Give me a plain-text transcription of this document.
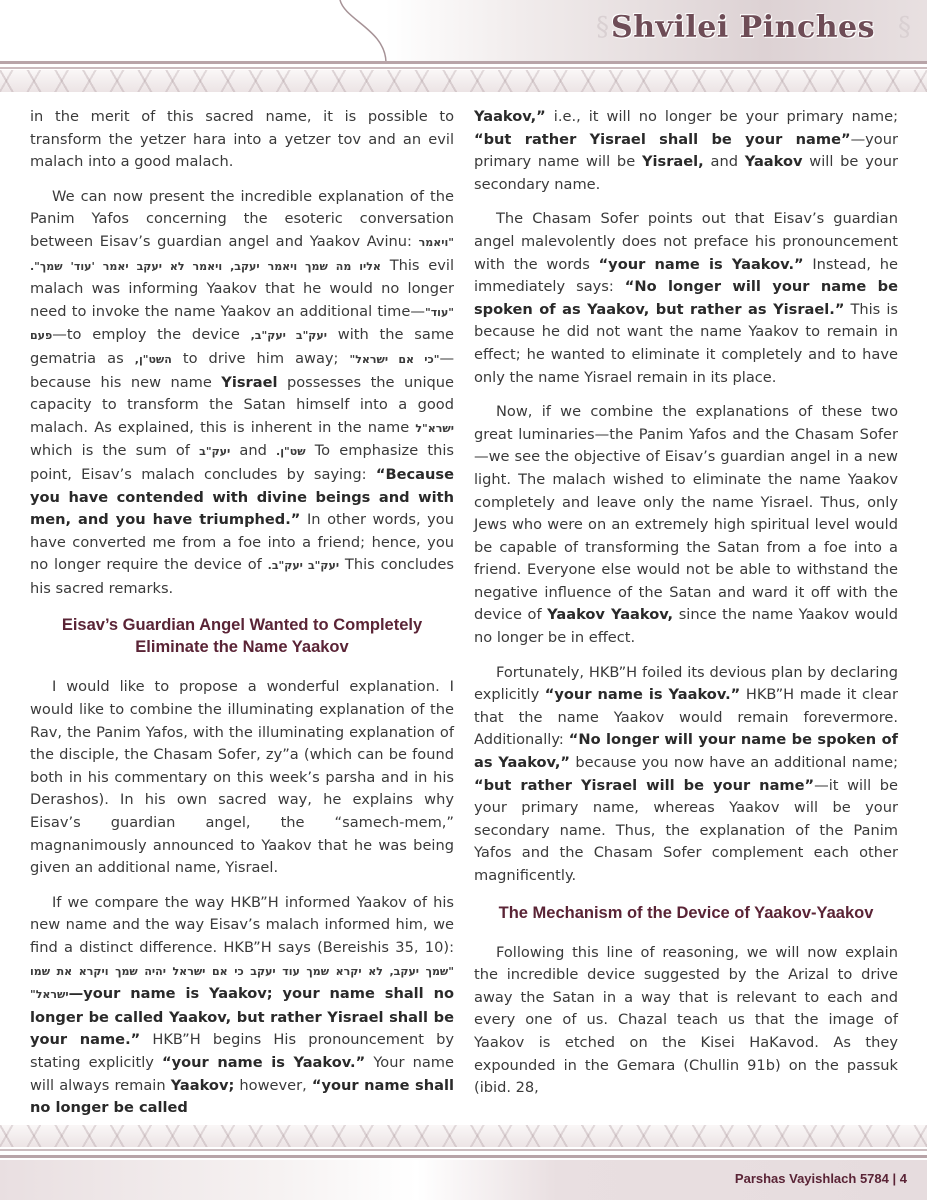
§ Shvilei Pinches §

in the merit of this sacred name, it is possible to transform the yetzer hara into a yetzer tov and an evil malach into a good malach.

We can now present the incredible explanation of the Panim Yafos concerning the esoteric conversation between Eisav’s guardian angel and Yaakov Avinu: "ויאמר אליו מה שמך ויאמר יעקב, ויאמר לא יעקב יאמר 'עוד' שמך". This evil malach was informing Yaakov that he would no longer need to invoke the name Yaakov an additional time—"עוד" פעם—to employ the device יעק"ב יעק"ב, with the same gematria as השט"ן, to drive him away; "כי אם ישראל"—because his new name Yisrael possesses the unique capacity to transform the Satan himself into a good malach. As explained, this is inherent in the name ישרא"ל which is the sum of יעק"ב and שט"ן. To emphasize this point, Eisav’s malach concludes by saying: “Because you have contended with divine beings and with men, and you have triumphed.” In other words, you have converted me from a foe into a friend; hence, you no longer require the device of יעק"ב יעק"ב. This concludes his sacred remarks.

Eisav’s Guardian Angel Wanted to Completely Eliminate the Name Yaakov

I would like to propose a wonderful explanation. I would like to combine the illuminating explanation of the Rav, the Panim Yafos, with the illuminating explanation of the disciple, the Chasam Sofer, zy”a (which can be found both in his commentary on this week’s parsha and in his Derashos). In his own sacred way, he explains why Eisav’s guardian angel, the “samech-mem,” magnanimously announced to Yaakov that he was being given an additional name, Yisrael.

If we compare the way HKB”H informed Yaakov of his new name and the way Eisav’s malach informed him, we find a distinct difference. HKB”H says (Bereishis 35, 10): "שמך יעקב, לא יקרא שמך עוד יעקב כי אם ישראל יהיה שמך ויקרא את שמו ישראל"—your name is Yaakov; your name shall no longer be called Yaakov, but rather Yisrael shall be your name.” HKB”H begins His pronouncement by stating explicitly “your name is Yaakov.” Your name will always remain Yaakov; however, “your name shall no longer be called

Yaakov,” i.e., it will no longer be your primary name; “but rather Yisrael shall be your name”—your primary name will be Yisrael, and Yaakov will be your secondary name.

The Chasam Sofer points out that Eisav’s guardian angel malevolently does not preface his pronouncement with the words “your name is Yaakov.” Instead, he immediately says: “No longer will your name be spoken of as Yaakov, but rather as Yisrael.” This is because he did not want the name Yaakov to remain in effect; he wanted to eliminate it completely and to have only the name Yisrael remain in its place.

Now, if we combine the explanations of these two great luminaries—the Panim Yafos and the Chasam Sofer—we see the objective of Eisav’s guardian angel in a new light. The malach wished to eliminate the name Yaakov completely and leave only the name Yisrael. Thus, only Jews who were on an extremely high spiritual level would be capable of transforming the Satan from a foe into a friend. Everyone else would not be able to withstand the negative influence of the Satan and ward it off with the device of Yaakov Yaakov, since the name Yaakov would no longer be in effect.

Fortunately, HKB”H foiled its devious plan by declaring explicitly “your name is Yaakov.” HKB”H made it clear that the name Yaakov would remain forevermore. Additionally: “No longer will your name be spoken of as Yaakov,” because you now have an additional name; “but rather Yisrael will be your name”—it will be your primary name, whereas Yaakov will be your secondary name. Thus, the explanation of the Panim Yafos and the Chasam Sofer complement each other magnificently.

The Mechanism of the Device of Yaakov-Yaakov

Following this line of reasoning, we will now explain the incredible device suggested by the Arizal to drive away the Satan in a way that is relevant to each and every one of us. Chazal teach us that the image of Yaakov is etched on the Kisei HaKavod. As they expounded in the Gemara (Chullin 91b) on the passuk (ibid. 28,

Parshas Vayishlach 5784 | 4
